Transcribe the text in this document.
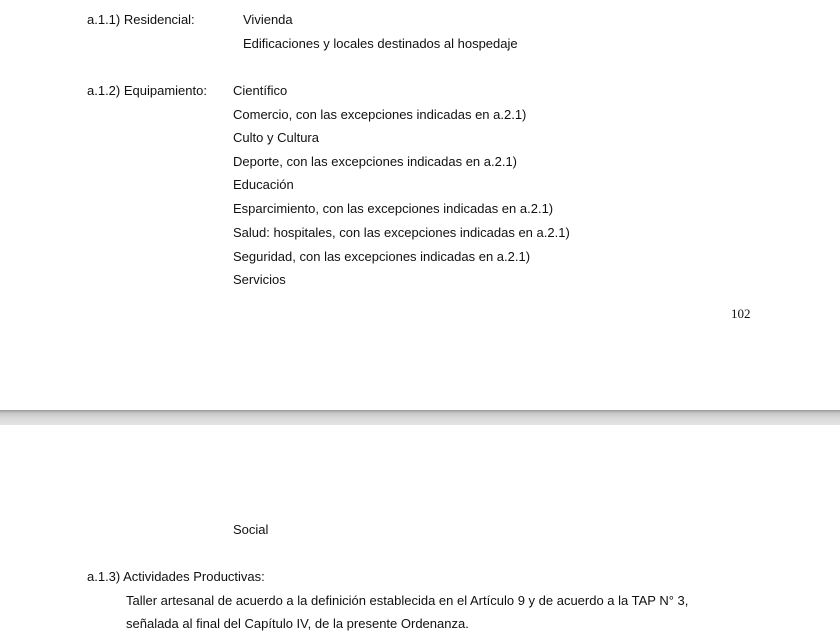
a.1.1) Residencial:	Vivienda
Edificaciones y locales destinados al hospedaje
a.1.2) Equipamiento: Científico
Comercio, con las excepciones indicadas en a.2.1)
Culto y Cultura
Deporte, con las excepciones indicadas en a.2.1)
Educación
Esparcimiento, con las excepciones indicadas en a.2.1)
Salud: hospitales, con las excepciones indicadas en a.2.1)
Seguridad, con las excepciones indicadas en a.2.1)
Servicios
102
Social
a.1.3) Actividades Productivas:
Taller artesanal de acuerdo a la definición establecida en el Artículo 9 y de acuerdo a la TAP N° 3,
señalada al final del Capítulo IV, de la presente Ordenanza.
